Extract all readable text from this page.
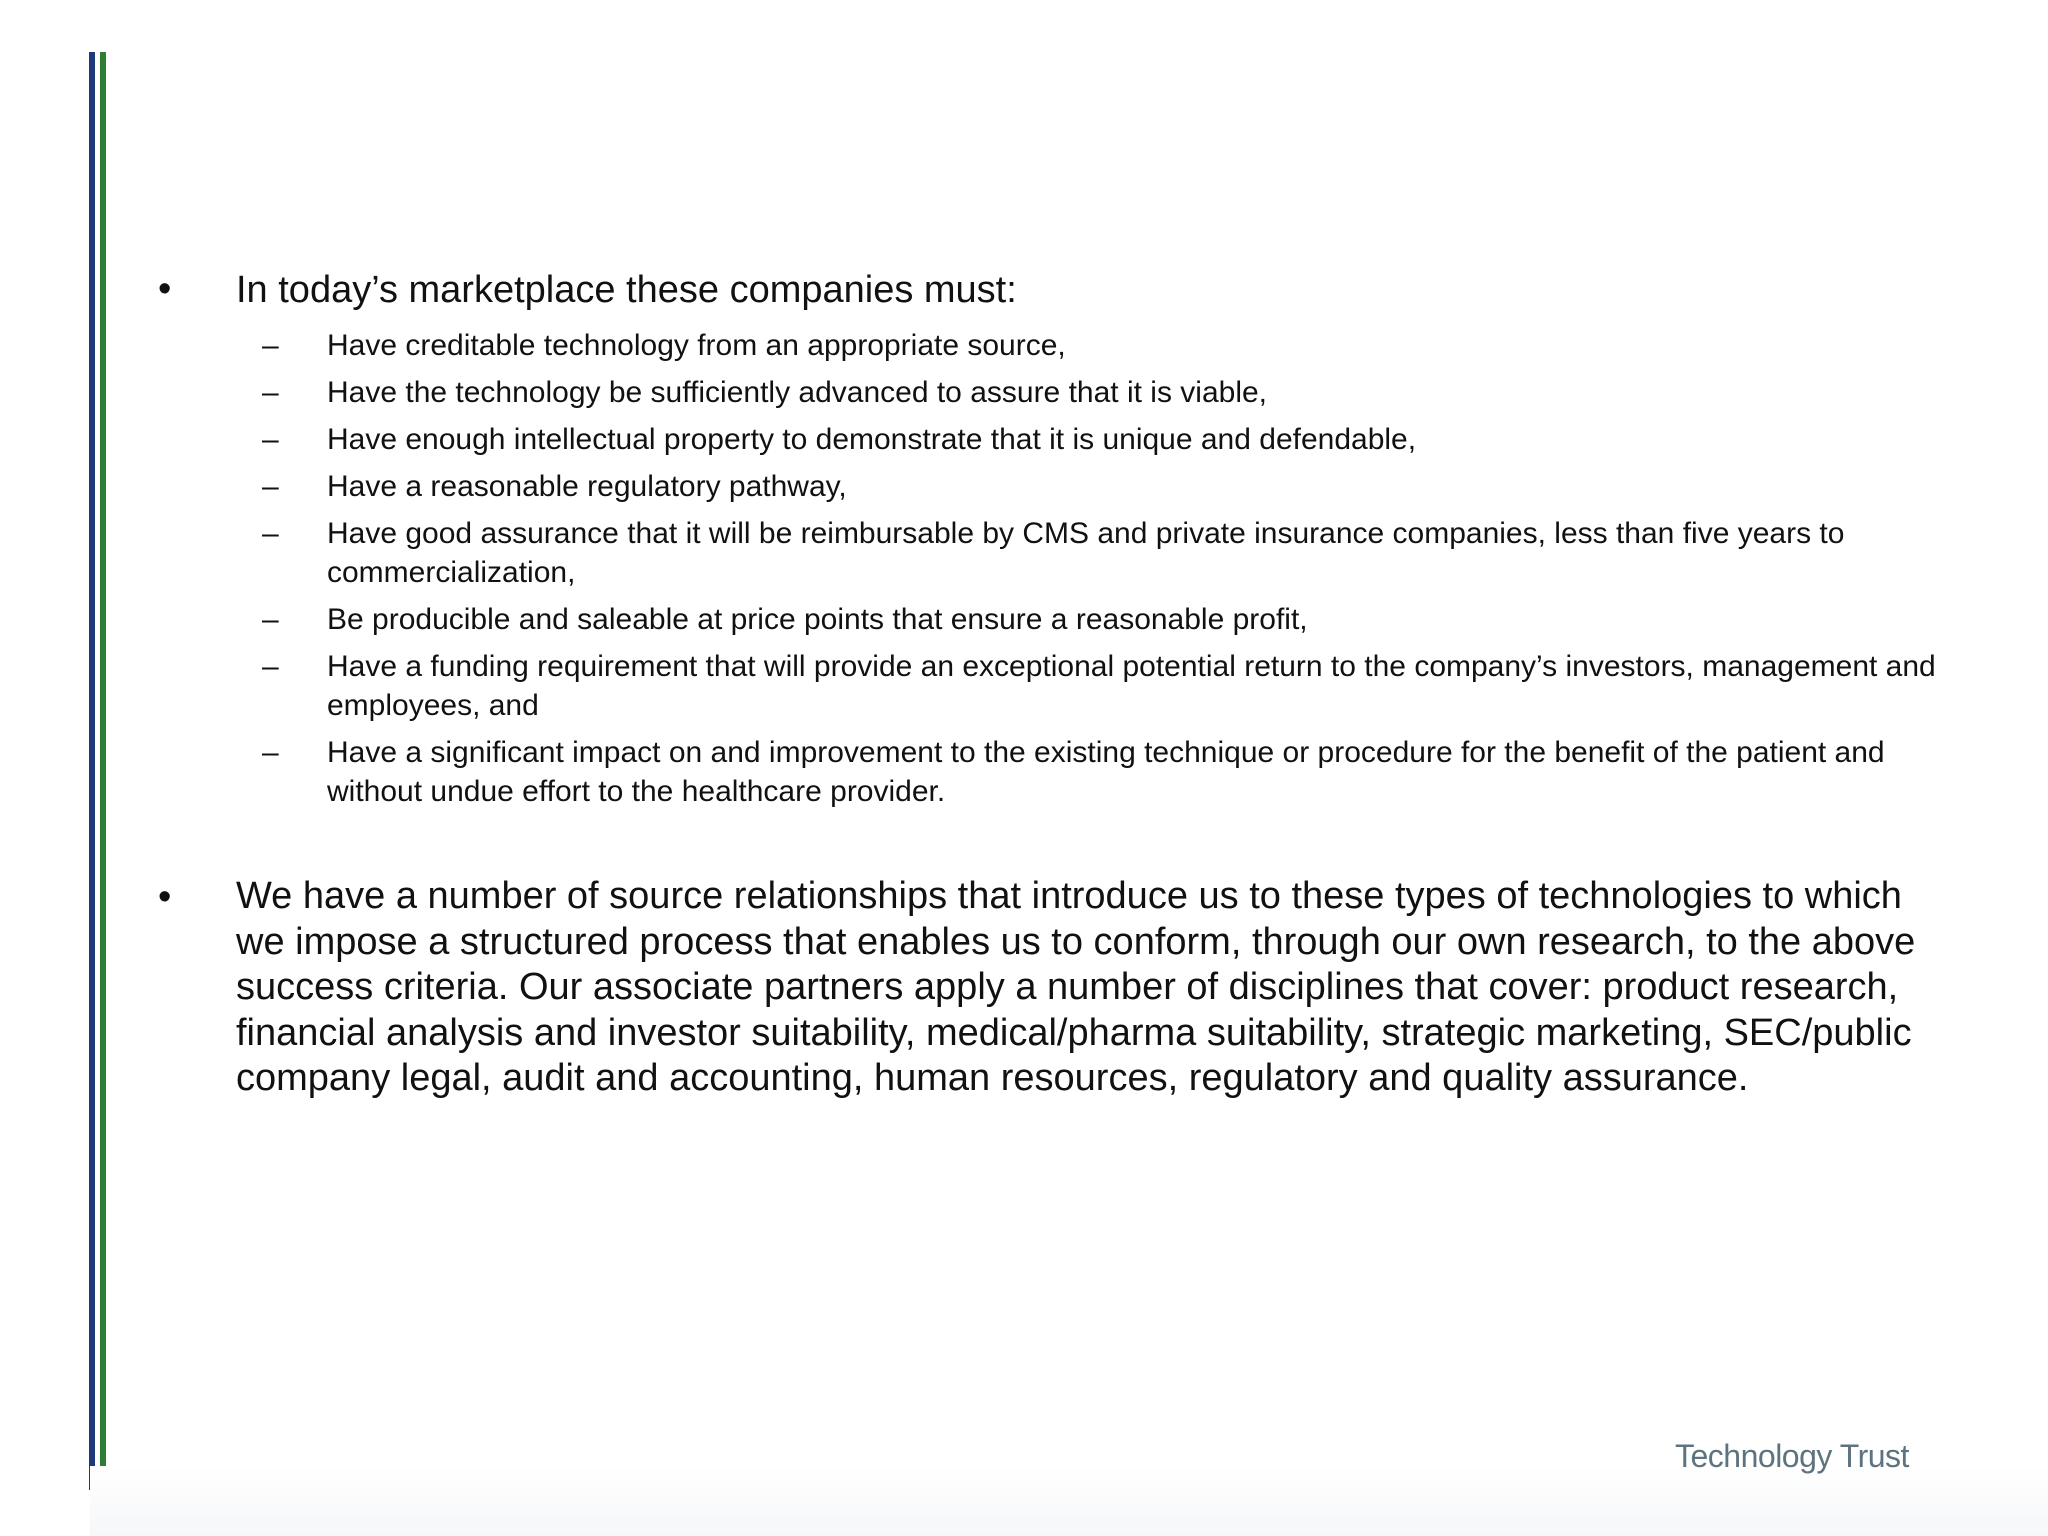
• In today’s marketplace these companies must:
– Have creditable technology from an appropriate source,
– Have the technology be sufficiently advanced to assure that it is viable,
– Have enough intellectual property to demonstrate that it is unique and defendable,
– Have a reasonable regulatory pathway,
– Have good assurance that it will be reimbursable by CMS and private insurance companies, less than five years to commercialization,
– Be producible and saleable at price points that ensure a reasonable profit,
– Have a funding requirement that will provide an exceptional potential return to the company’s investors, management and employees, and
– Have a significant impact on and improvement to the existing technique or procedure for the benefit of the patient and without undue effort to the healthcare provider.
• We have a number of source relationships that introduce us to these types of technologies to which we impose a structured process that enables us to conform, through our own research, to the above success criteria. Our associate partners apply a number of disciplines that cover: product research, financial analysis and investor suitability, medical/pharma suitability, strategic marketing, SEC/public company legal, audit and accounting, human resources, regulatory and quality assurance.
Technology Trust
